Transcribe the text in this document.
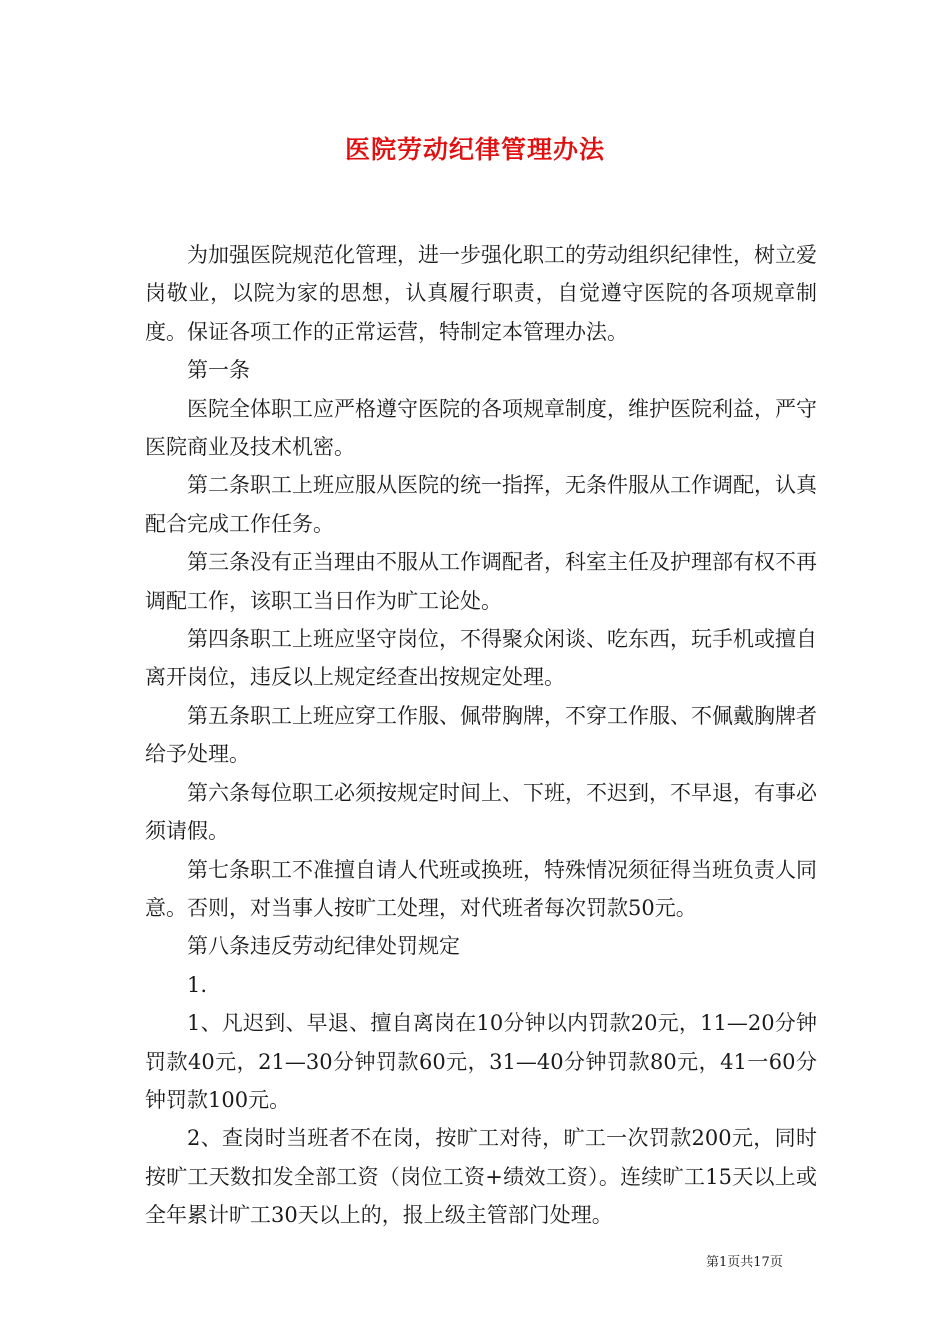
医院劳动纪律管理办法

为加强医院规范化管理，进一步强化职工的劳动组织纪律性，树立爱岗敬业，以院为家的思想，认真履行职责，自觉遵守医院的各项规章制度。保证各项工作的正常运营，特制定本管理办法。

第一条

医院全体职工应严格遵守医院的各项规章制度，维护医院利益，严守医院商业及技术机密。

第二条职工上班应服从医院的统一指挥，无条件服从工作调配，认真配合完成工作任务。

第三条没有正当理由不服从工作调配者，科室主任及护理部有权不再调配工作，该职工当日作为旷工论处。

第四条职工上班应坚守岗位，不得聚众闲谈、吃东西，玩手机或擅自离开岗位，违反以上规定经查出按规定处理。

第五条职工上班应穿工作服、佩带胸牌，不穿工作服、不佩戴胸牌者给予处理。

第六条每位职工必须按规定时间上、下班，不迟到，不早退，有事必须请假。

第七条职工不准擅自请人代班或换班，特殊情况须征得当班负责人同意。否则，对当事人按旷工处理，对代班者每次罚款50元。

第八条违反劳动纪律处罚规定

1.

1、凡迟到、早退、擅自离岗在10分钟以内罚款20元，11—20分钟罚款40元，21—30分钟罚款60元，31—40分钟罚款80元，41一60分钟罚款100元。

2、查岗时当班者不在岗，按旷工对待，旷工一次罚款200元，同时按旷工天数扣发全部工资（岗位工资+绩效工资）。连续旷工15天以上或全年累计旷工30天以上的，报上级主管部门处理。

第1页共17页
